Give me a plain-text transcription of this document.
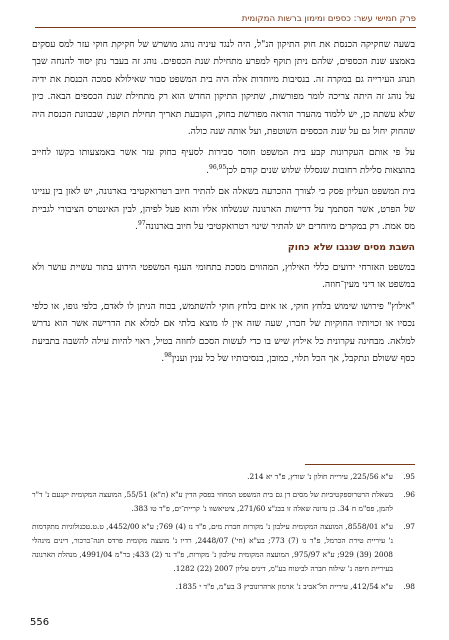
פרק חמישי עשר: כספים ומימון ברשות המקומית

בשעה שחקיקה הכנסת את חוק התיקון הנ"ל, היה לנגד עיניה נוהג מושרש של חקיקת חוקי עזר למס עסקים באמצע שנת הכספים, שלהם ניתן תוקף למפרע מתחילת שנת הכספים. נוהג זה בעבר נתן יסוד להנחה שבך תנהג העירייה גם במקרה זה. בנסיבות מיוחדות אלה היה בית המשפט סבור שאילולא סמכה הכנסת את ידיה על נוהג זה היתה צריכה לומר מפורשות, שתיקון התיקון החדש הוא רק מתחילת שנת הכספים הבאה. כיון שלא עשתה כן, יש ללמוד מהעדר הוראה מפורשת בחוק, הקובעת תאריך תחילת תוקפו, שבכוונת הכנסת היה שהחוק יחול גם על שנת הכספים השוטפת, ועל אותה שנה כולה.

על פי אותם העקרונות קבע בית המשפט חוסר סבירות לסעיף בחוק עזר אשר באמצעותו בקשו לחייב בהוצאות סלילת רחובות שנסללו שלוש שנים קודם לכן$^{96,95}$.

בית המשפט העליון פסק כי לצורך ההכרעה בשאלה אם להתיר חיוב רטרואקטיבי בארנונה, יש לאזן בין עניינו של הפרט, אשר הסתמך על דרישות הארנונה שנשלחו אליו והוא פעל לפיהן, לבין האינטרס הציבורי לגביית מס אמת. רק במקרים מיוחדים יש להתיר שינוי רטרואקטיבי על חיוב בארנונה$^{97}$.

השבת מסים שנגבו שלא כחוק

במשפט האזרחי ידועים כללי האילוץ, המהווים מסכת בתחומי הענף המשפטי הידוע בתור עשיית עושר ולא במשפט או דיני מעין־חוזה.

"אילוץ" פירושו שימוש בלחץ חוקי, או איום בלחץ חוקי להשתמש, בכוח הניתן לו לאדם, כלפי גופו, או כלפי נכסיו או זכויותיו החוקיות של חברו, שעה שזה אין לו מוצא בלתי אם למלא את הדרישה אשר הוא נדרש למלאה. מבחינה עקרונית כל אילוץ שיש בו כדי לעשות הסכם לחוזה בטיל, ראוי להיות עילה להשבה בתביעת כסף ששולם ונתקבל, אך הכל תלוי, כמובן, בנסיבותיו של כל ענין וענין$^{98}$.

.95
ע"א 225/56, עיריית חולון נ' שורץ, פ"ד יא 214.
.96
בשאלת הרטרוספקטיביות של מסים דן גם בית המשפט המחוזי בפסק הדין ע"א (ת"א) 55/51, המועצה המקומית יקנעם נ' ד"ר להמן, פס"מ ח 34. כן נדונה שאלה זו בבג"צ 271/60, ציטיאשוו נ' קריית־ים, פ"ד טו 383.
.97
ע"א 8558/01, המועצה המקומית עילבון נ' מקורות חברת מים, פ"ד נז (4) 769; ע"א 4452/00, ט.ט.טכנולוגיות מתקדמות נ' עיריית טירת הכרמל, פ"ד נו (7) 773; בע"א (חי') 2448/07, רדיו נ' מועצה מקומית פרדס חנה־כרכור, דינים מינהלי 2008 (39) 929; ע"א 975/97, המועצה המקומית עילבון נ' מקורות, פ"ד נד (2) 433; בר"מ 4991/04, מנהלת הארנונה בעיריית חיפה נ' שילוח חברה לביטוח בע"מ, דינים עליון 2007 (22) 1282.
.98
ע"א 412/54, עיריית תל־אביב נ' ארמון ארהרונוביץ 3 בע"מ, פ"ד י 1835.
556
